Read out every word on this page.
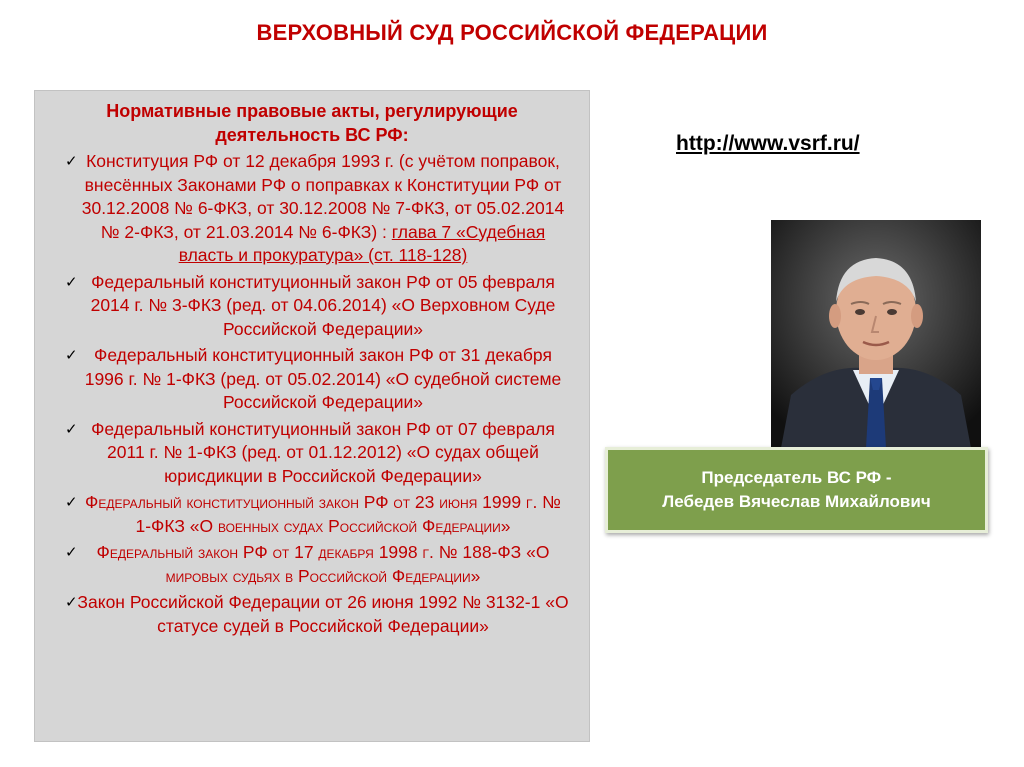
ВЕРХОВНЫЙ СУД РОССИЙСКОЙ ФЕДЕРАЦИИ
Нормативные правовые акты, регулирующие деятельность ВС РФ:
✓ Конституция РФ от 12 декабря 1993 г. (с учётом поправок, внесённых Законами РФ о поправках к Конституции РФ от 30.12.2008 № 6-ФКЗ, от 30.12.2008 № 7-ФКЗ, от 05.02.2014 № 2-ФКЗ, от 21.03.2014 № 6-ФКЗ) : глава 7 «Судебная власть и прокуратура» (ст. 118-128)
✓ Федеральный конституционный закон РФ от 05 февраля 2014 г. № 3-ФКЗ (ред. от 04.06.2014) «О Верховном Суде Российской Федерации»
✓ Федеральный конституционный закон РФ от 31 декабря 1996 г. № 1-ФКЗ (ред. от 05.02.2014) «О судебной системе Российской Федерации»
✓ Федеральный конституционный закон РФ от 07 февраля 2011 г. № 1-ФКЗ (ред. от 01.12.2012) «О судах общей юрисдикции в Российской Федерации»
✓ Федеральный конституционный закон РФ от 23 июня 1999 г. № 1-ФКЗ «О военных судах Российской Федерации»
✓ Федеральный закон РФ от 17 декабря 1998 г. № 188-ФЗ «О мировых судьях в Российской Федерации»
✓ Закон Российской Федерации от 26 июня 1992 № 3132-1 «О статусе судей в Российской Федерации»
http://www.vsrf.ru/
Председатель ВС РФ -
Лебедев Вячеслав Михайлович
